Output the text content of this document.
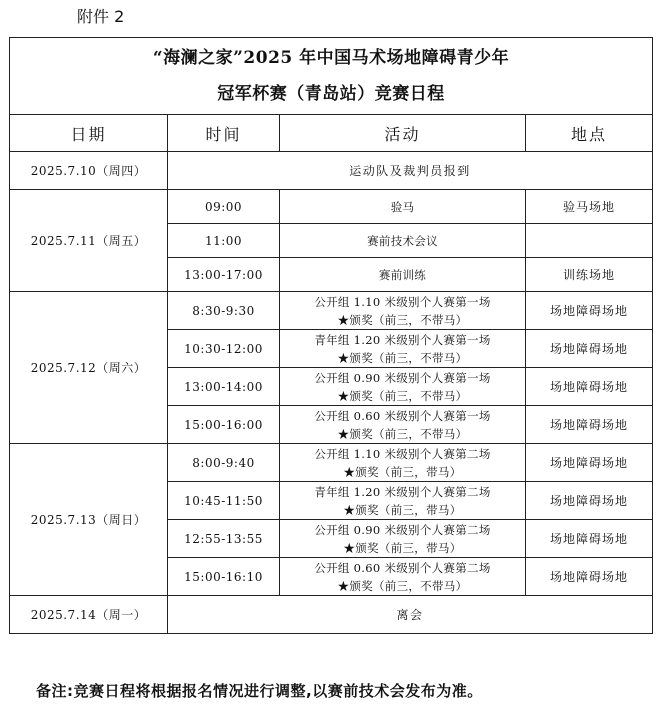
附件 2
“海澜之家”2025 年中国马术场地障碍青少年
冠军杯赛（青岛站）竞赛日程			

日期	时间	活动	地点
2025.7.10（周四）	运动队及裁判员报到		
2025.7.11（周五）	09:00	验马	验马场地
	11:00	赛前技术会议	

	13:00-17:00	赛前训练	训练场地
2025.7.12（周六）	8:30-9:30	公开组 1.10 米级别个人赛第一场
★颁奖（前三，不带马）	场地障碍场地
	10:30-12:00	青年组 1.20 米级别个人赛第一场
★颁奖（前三，不带马）	场地障碍场地
	13:00-14:00	公开组 0.90 米级别个人赛第一场
★颁奖（前三，不带马）	场地障碍场地
	15:00-16:00	公开组 0.60 米级别个人赛第一场
★颁奖（前三，不带马）	场地障碍场地
2025.7.13（周日）	8:00-9:40	公开组 1.10 米级别个人赛第二场
★颁奖（前三，带马）	场地障碍场地
	10:45-11:50	青年组 1.20 米级别个人赛第二场
★颁奖（前三，带马）	场地障碍场地
	12:55-13:55	公开组 0.90 米级别个人赛第二场
★颁奖（前三，带马）	场地障碍场地
	15:00-16:10	公开组 0.60 米级别个人赛第二场
★颁奖（前三，不带马）	场地障碍场地
2025.7.14（周一）	离会		
备注:竞赛日程将根据报名情况进行调整,以赛前技术会发布为准。
